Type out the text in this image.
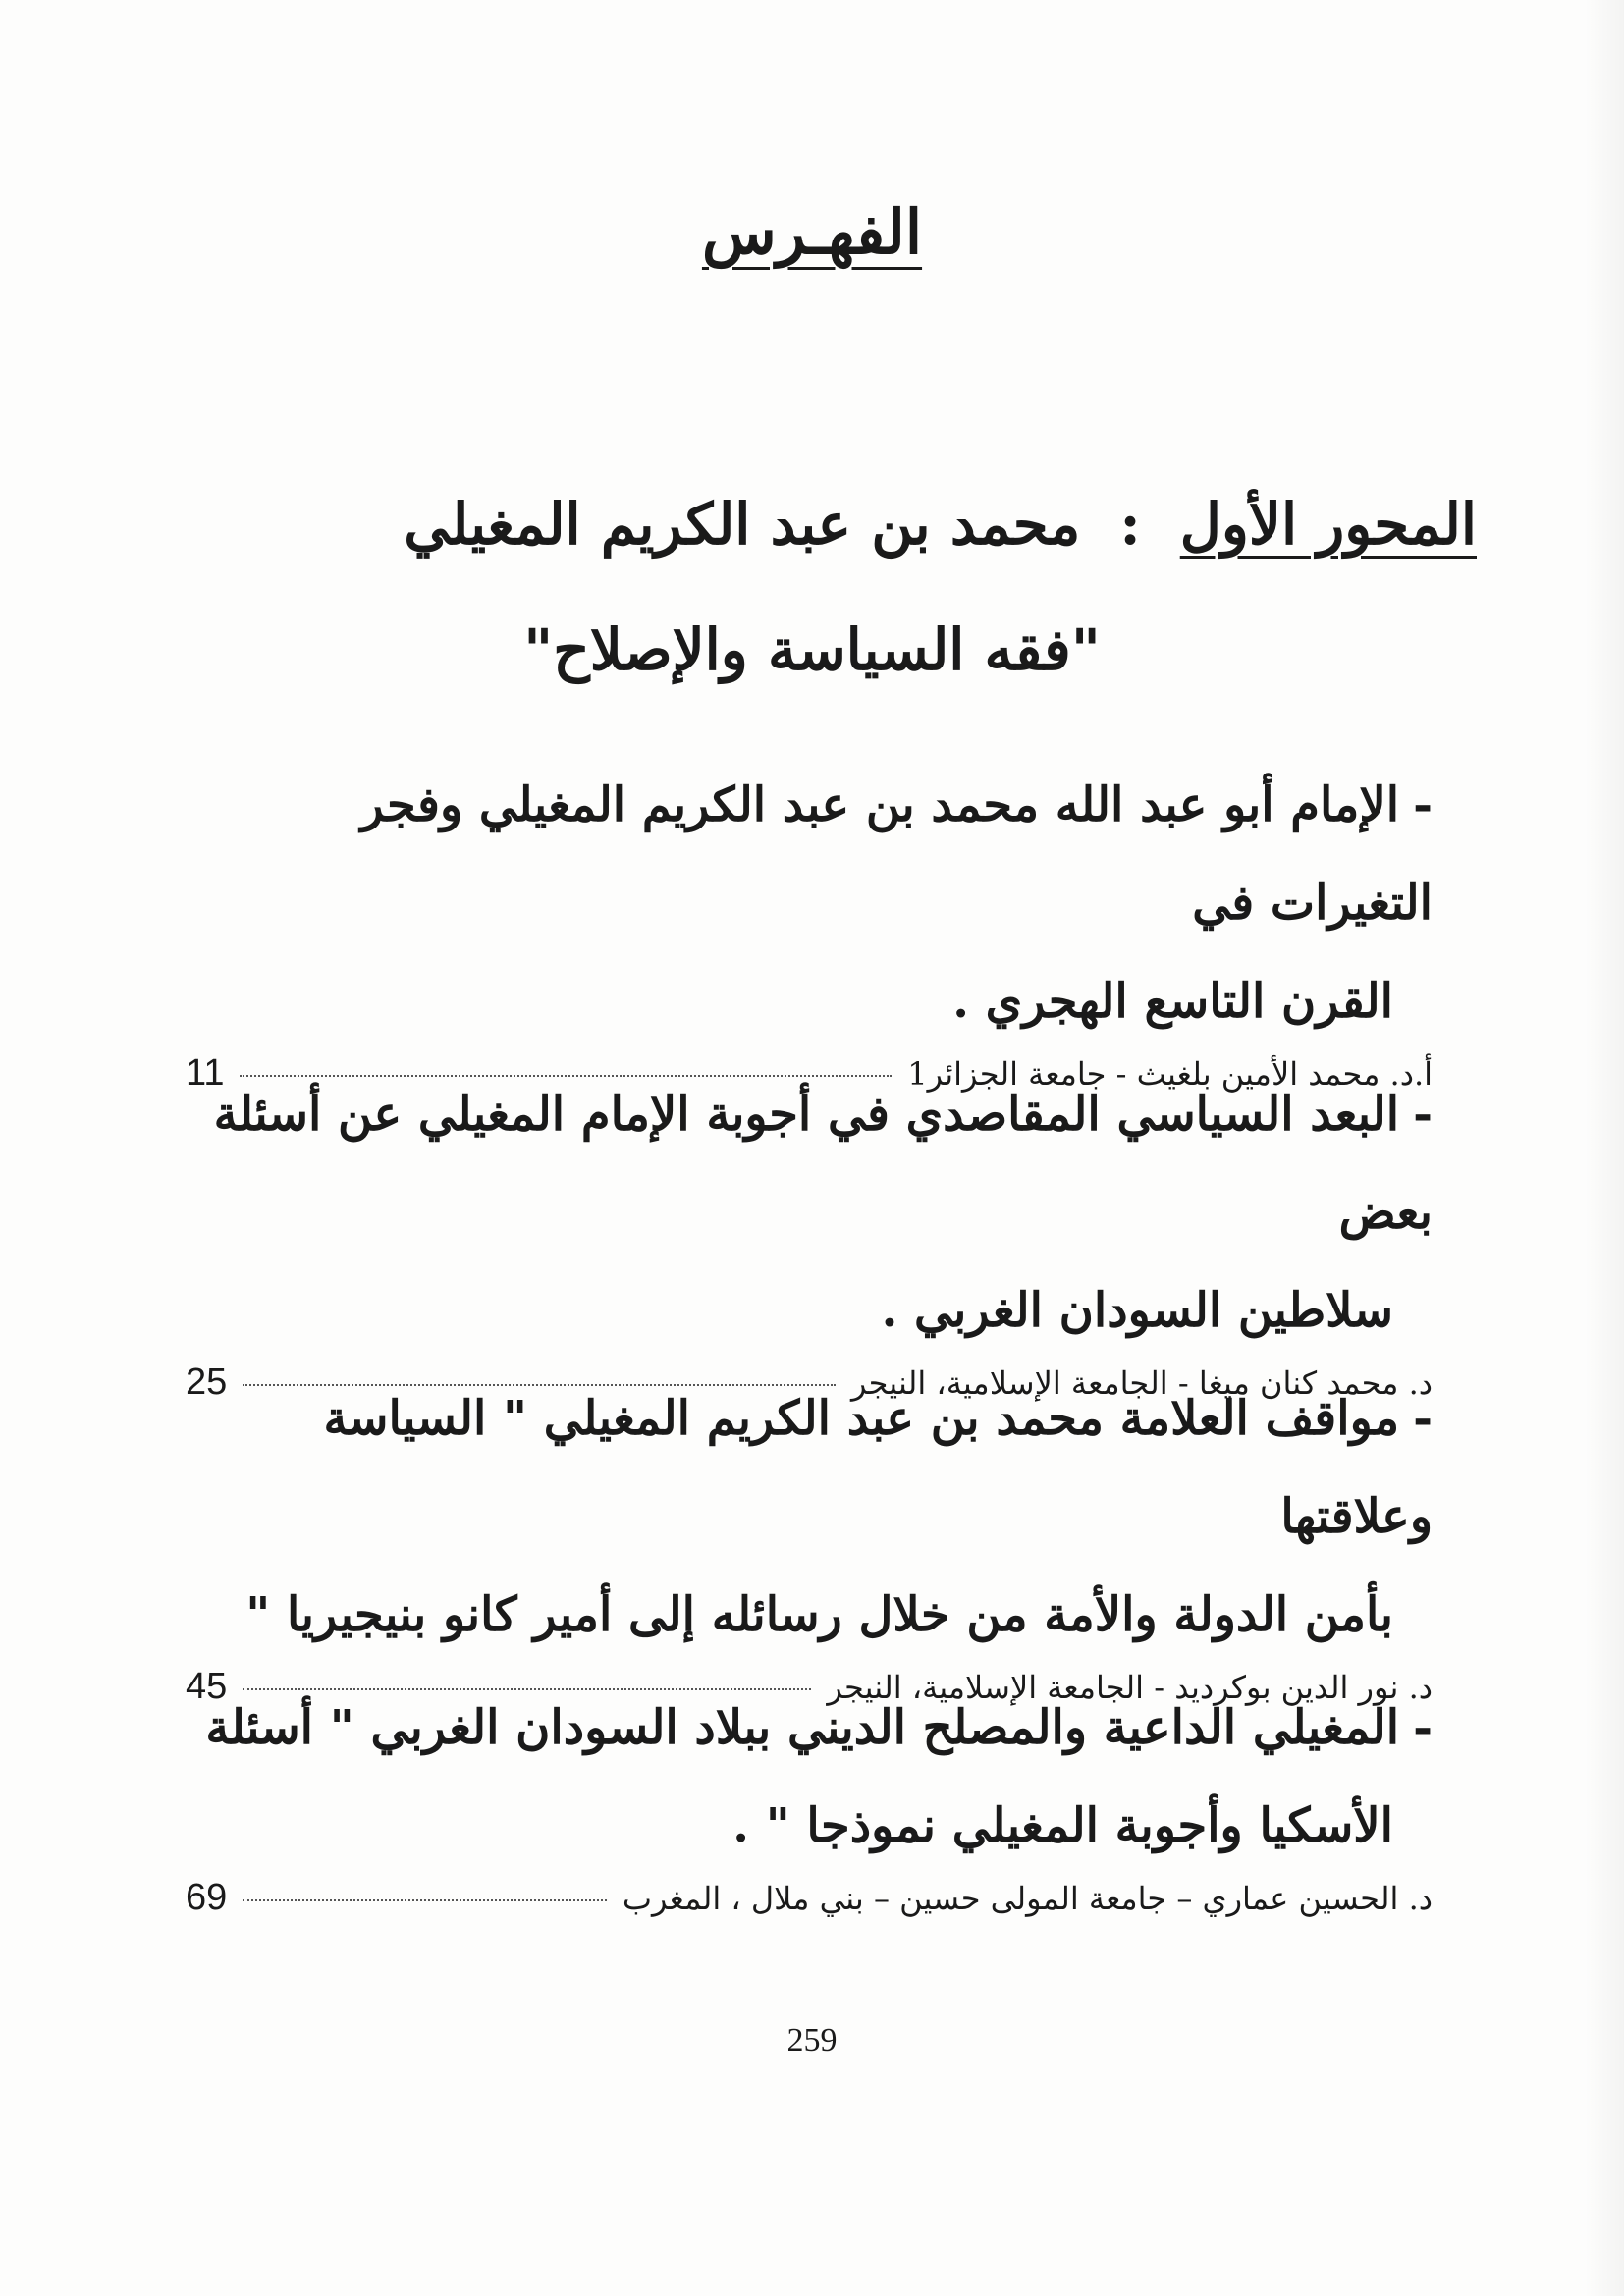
الفهـرس
المحور الأول:محمد بن عبد الكريم المغيلي
"فقه السياسة والإصلاح"

-الإمام أبو عبد الله محمد بن عبد الكريم المغيلي وفجر التغيرات في
القرن التاسع الهجري .

أ.د. محمد الأمين بلغيث - جامعة الجزائر1
11

-البعد السياسي المقاصدي في أجوبة الإمام المغيلي عن أسئلة بعض
سلاطين السودان الغربي .

د. محمد كنان ميغا - الجامعة الإسلامية، النيجر
25

-مواقف العلامة محمد بن عبد الكريم المغيلي " السياسة وعلاقتها
بأمن الدولة والأمة من خلال رسائله إلى أمير كانو بنيجيريا "

د. نور الدين بوكرديد - الجامعة الإسلامية، النيجر
45

-المغيلي الداعية والمصلح الديني ببلاد السودان الغربي " أسئلة
الأسكيا وأجوبة المغيلي نموذجا " .

د. الحسين عماري – جامعة المولى حسين – بني ملال ، المغرب
69
259
